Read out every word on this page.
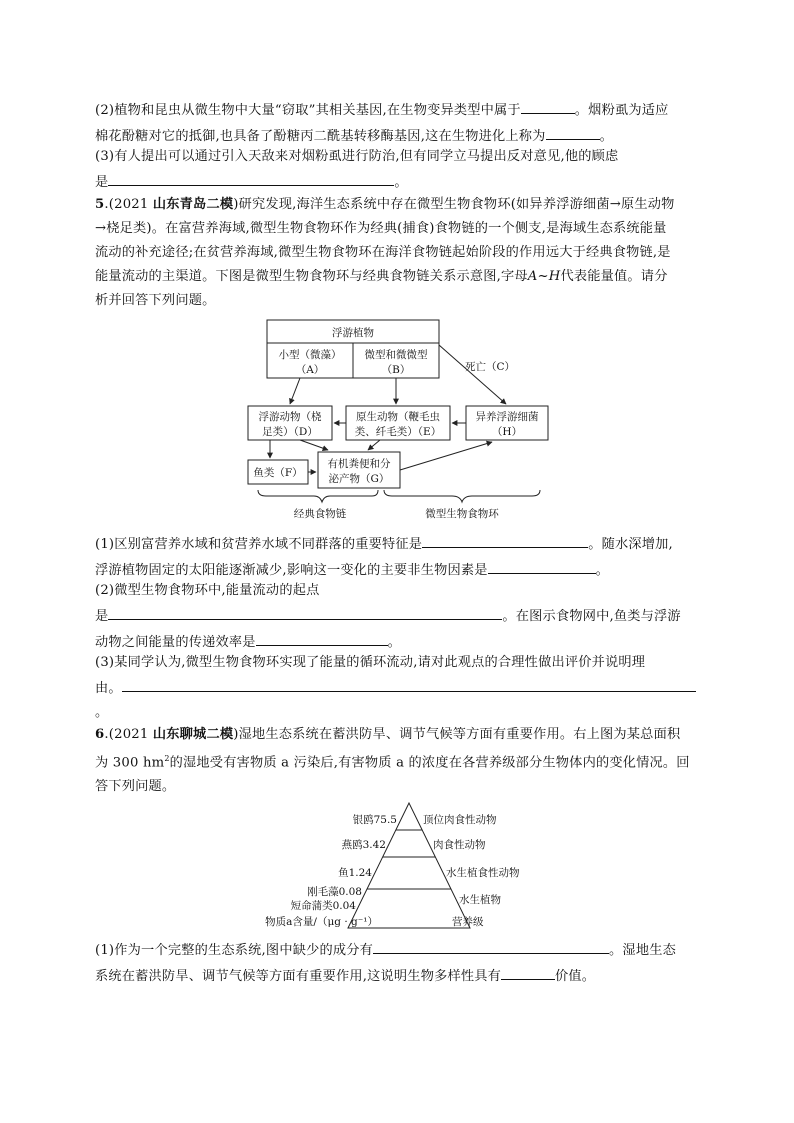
(2)植物和昆虫从微生物中大量“窃取”其相关基因,在生物变异类型中属于	。烟粉虱为适应
棉花酚糖对它的抵御,也具备了酚糖丙二酰基转移酶基因,这在生物进化上称为	。
(3)有人提出可以通过引入天敌来对烟粉虱进行防治,但有同学立马提出反对意见,他的顾虑
是	。
5.(2021 山东青岛二模)研究发现,海洋生态系统中存在微型生物食物环(如异养浮游细菌→原生动物
→桡足类)。在富营养海域,微型生物食物环作为经典(捕食)食物链的一个侧支,是海域生态系统能量
流动的补充途径;在贫营养海域,微型生物食物环在海洋食物链起始阶段的作用远大于经典食物链,是
能量流动的主渠道。下图是微型生物食物环与经典食物链关系示意图,字母A~H代表能量值。请分
析并回答下列问题。
浮游植物
小型（微藻）
（A）
微型和微微型
（B）	死亡（C）
浮游动物（桡
足类）（D）
原生动物（鞭毛虫
类、纤毛类）（E）
异养浮游细菌
（H）
鱼类（F）
有机粪便和分
泌产物（G）
经典食物链	微型生物食物环
(1)区别富营养水域和贫营养水域不同群落的重要特征是	。随水深增加,
浮游植物固定的太阳能逐渐减少,影响这一变化的主要非生物因素是	。
(2)微型生物食物环中,能量流动的起点
是	。在图示食物网中,鱼类与浮游
动物之间能量的传递效率是	。
(3)某同学认为,微型生物食物环实现了能量的循环流动,请对此观点的合理性做出评价并说明理
由。
。
6.(2021 山东聊城二模)湿地生态系统在蓄洪防旱、调节气候等方面有重要作用。右上图为某总面积
为 300 $hm^2$的湿地受有害物质 a 污染后,有害物质 a 的浓度在各营养级部分生物体内的变化情况。回
答下列问题。
银鸥75.5
燕鸥3.42
鱼1.24
刚毛藻0.08
短命蒲类0.04
物质a含量/（μg · g⁻¹）
顶位肉食性动物
肉食性动物
水生植食性动物
水生植物
营养级
(1)作为一个完整的生态系统,图中缺少的成分有	。湿地生态
系统在蓄洪防旱、调节气候等方面有重要作用,这说明生物多样性具有	价值。
